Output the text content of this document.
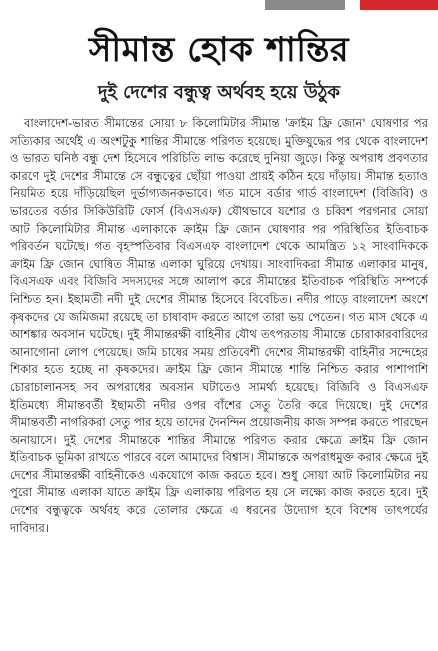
সীমান্ত হোক শান্তির
দুই দেশের বন্ধুত্ব অর্থবহ হয়ে উঠুক

বাংলাদেশ-ভারত সীমান্তের সোয়া ৮ কিলোমিটার সীমান্ত 'ক্রাইম ফ্রি জোন' ঘোষণার পর সত্যিকার অর্থেই এ অংশটুকু শান্তির সীমান্তে পরিণত হয়েছে। মুক্তিযুদ্ধের পর থেকে বাংলাদেশ ও ভারত ঘনিষ্ঠ বন্ধু দেশ হিসেবে পরিচিতি লাভ করেছে দুনিয়া জুড়ে। কিন্তু অপরাধ প্রবণতার কারণে দুই দেশের সীমান্তে সে বন্ধুত্বের ছোঁয়া পাওয়া প্রায়ই কঠিন হয়ে দাঁড়ায়। সীমান্ত হত্যাও নিয়মিত হয়ে দাঁড়িয়েছিল দুর্ভাগ্যজনকভাবে। গত মাসে বর্ডার গার্ড বাংলাদেশ (বিজিবি) ও ভারতের বর্ডার সিকিউরিটি ফোর্স (বিএসএফ) যৌথভাবে যশোর ও চব্বিশ পরগনার সোয়া আট কিলোমিটার সীমান্ত এলাকাকে ক্রাইম ফ্রি জোন ঘোষণার পর পরিস্থিতির ইতিবাচক পরিবর্তন ঘটেছে। গত বৃহস্পতিবার বিএসএফ বাংলাদেশ থেকে আমন্ত্রিত ১২ সাংবাদিককে ক্রাইম ফ্রি জোন ঘোষিত সীমান্ত এলাকা ঘুরিয়ে দেখায়। সাংবাদিকরা সীমান্ত এলাকার মানুষ, বিএসএফ এবং বিজিবি সদস্যদের সঙ্গে আলাপ করে সীমান্তের ইতিবাচক পরিস্থিতি সম্পর্কে নিশ্চিত হন। ইছামতী নদী দুই দেশের সীমান্ত হিসেবে বিবেচিত। নদীর পাড়ে বাংলাদেশ অংশে কৃষকদের যে জমিজমা রয়েছে তা চাষাবাদ করতে আগে তারা ভয় পেতেন। গত মাস থেকে এ আশঙ্কার অবসান ঘটেছে। দুই সীমান্তরক্ষী বাহিনীর যৌথ তৎপরতায় সীমান্তে চোরাকারবারিদের আনাগোনা লোপ পেয়েছে। জমি চাষের সময় প্রতিবেশী দেশের সীমান্তরক্ষী বাহিনীর সন্দেহের শিকার হতে হচ্ছে না কৃষকদের। ক্রাইম ফ্রি জোন সীমান্তে শান্তি নিশ্চিত করার পাশাপাশি চোরাচালানসহ সব অপরাধের অবসান ঘটাতেও সামর্থ্য হয়েছে। বিজিবি ও বিএসএফ ইতিমধ্যে সীমান্তবর্তী ইছামতী নদীর ওপর বাঁশের সেতু তৈরি করে দিয়েছে। দুই দেশের সীমান্তবর্তী নাগরিকরা সেতু পার হয়ে তাদের দৈনন্দিন প্রয়োজনীয় কাজ সম্পন্ন করতে পারছেন অনায়াসে। দুই দেশের সীমান্তকে শান্তির সীমান্তে পরিণত করার ক্ষেত্রে ক্রাইম ফ্রি জোন ইতিবাচক ভূমিকা রাখতে পারবে বলে আমাদের বিশ্বাস। সীমান্তকে অপরাধমুক্ত করার ক্ষেত্রে দুই দেশের সীমান্তরক্ষী বাহিনীকেও একযোগে কাজ করতে হবে। শুধু সোয়া আট কিলোমিটার নয় পুরো সীমান্ত এলাকা যাতে ক্রাইম ফ্রি এলাকায় পরিণত হয় সে লক্ষ্যে কাজ করতে হবে। দুই দেশের বন্ধুত্বকে অর্থবহ করে তোলার ক্ষেত্রে এ ধরনের উদ্যোগ হবে বিশেষ তাৎপর্যের দাবিদার।
